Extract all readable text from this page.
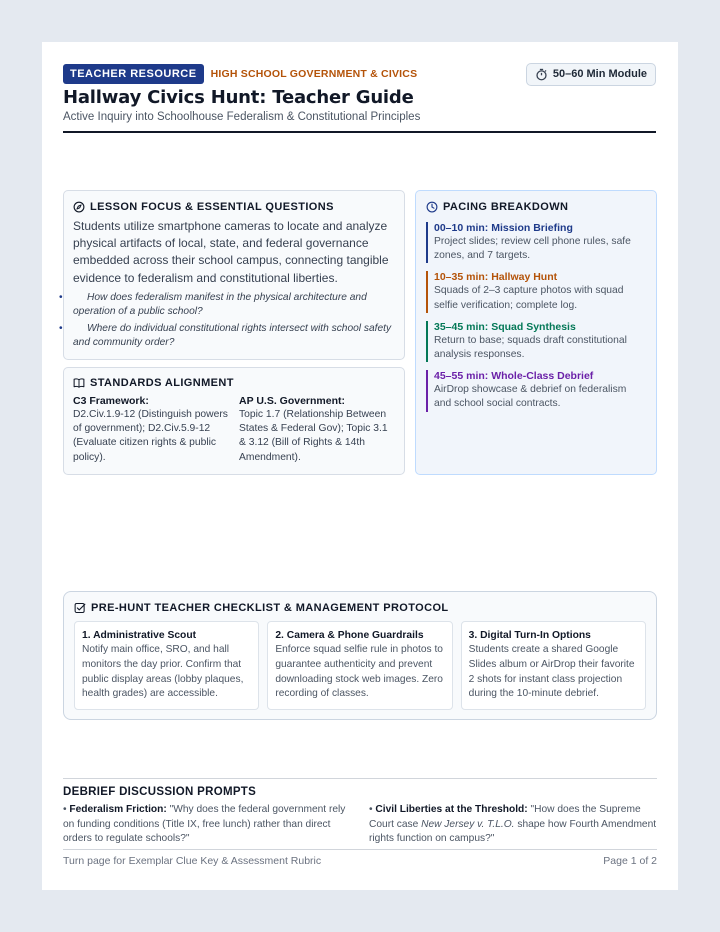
TEACHER RESOURCE	HIGH SCHOOL GOVERNMENT & CIVICS	50–60 Min Module
Hallway Civics Hunt: Teacher Guide
Active Inquiry into Schoolhouse Federalism & Constitutional Principles
LESSON FOCUS & ESSENTIAL QUESTIONS

Students utilize smartphone cameras to locate and analyze physical artifacts of local, state, and federal governance embedded across their school campus, connecting tangible evidence to federalism and constitutional liberties.

• How does federalism manifest in the physical architecture and operation of a public school?
• Where do individual constitutional rights intersect with school safety and community order?
STANDARDS ALIGNMENT
C3 Framework:
D2.Civ.1.9-12 (Distinguish powers of government); D2.Civ.5.9-12 (Evaluate citizen rights & public policy).
AP U.S. Government:
Topic 1.7 (Relationship Between States & Federal Gov); Topic 3.1 & 3.12 (Bill of Rights & 14th Amendment).
PACING BREAKDOWN
00–10 min: Mission Briefing
Project slides; review cell phone rules, safe zones, and 7 targets.
10–35 min: Hallway Hunt
Squads of 2–3 capture photos with squad selfie verification; complete log.
35–45 min: Squad Synthesis
Return to base; squads draft constitutional analysis responses.
45–55 min: Whole-Class Debrief
AirDrop showcase & debrief on federalism and school social contracts.
PRE-HUNT TEACHER CHECKLIST & MANAGEMENT PROTOCOL
1. Administrative Scout
Notify main office, SRO, and hall monitors the day prior. Confirm that public display areas (lobby plaques, health grades) are accessible.
2. Camera & Phone Guardrails
Enforce squad selfie rule in photos to guarantee authenticity and prevent downloading stock web images. Zero recording of classes.
3. Digital Turn-In Options
Students create a shared Google Slides album or AirDrop their favorite 2 shots for instant class projection during the 10-minute debrief.
DEBRIEF DISCUSSION PROMPTS

• Federalism Friction: "Why does the federal government rely on funding conditions (Title IX, free lunch) rather than direct orders to regulate schools?"

• Civil Liberties at the Threshold: "How does the Supreme Court case New Jersey v. T.L.O. shape how Fourth Amendment rights function on campus?"

Turn page for Exemplar Clue Key & Assessment Rubric	Page 1 of 2
